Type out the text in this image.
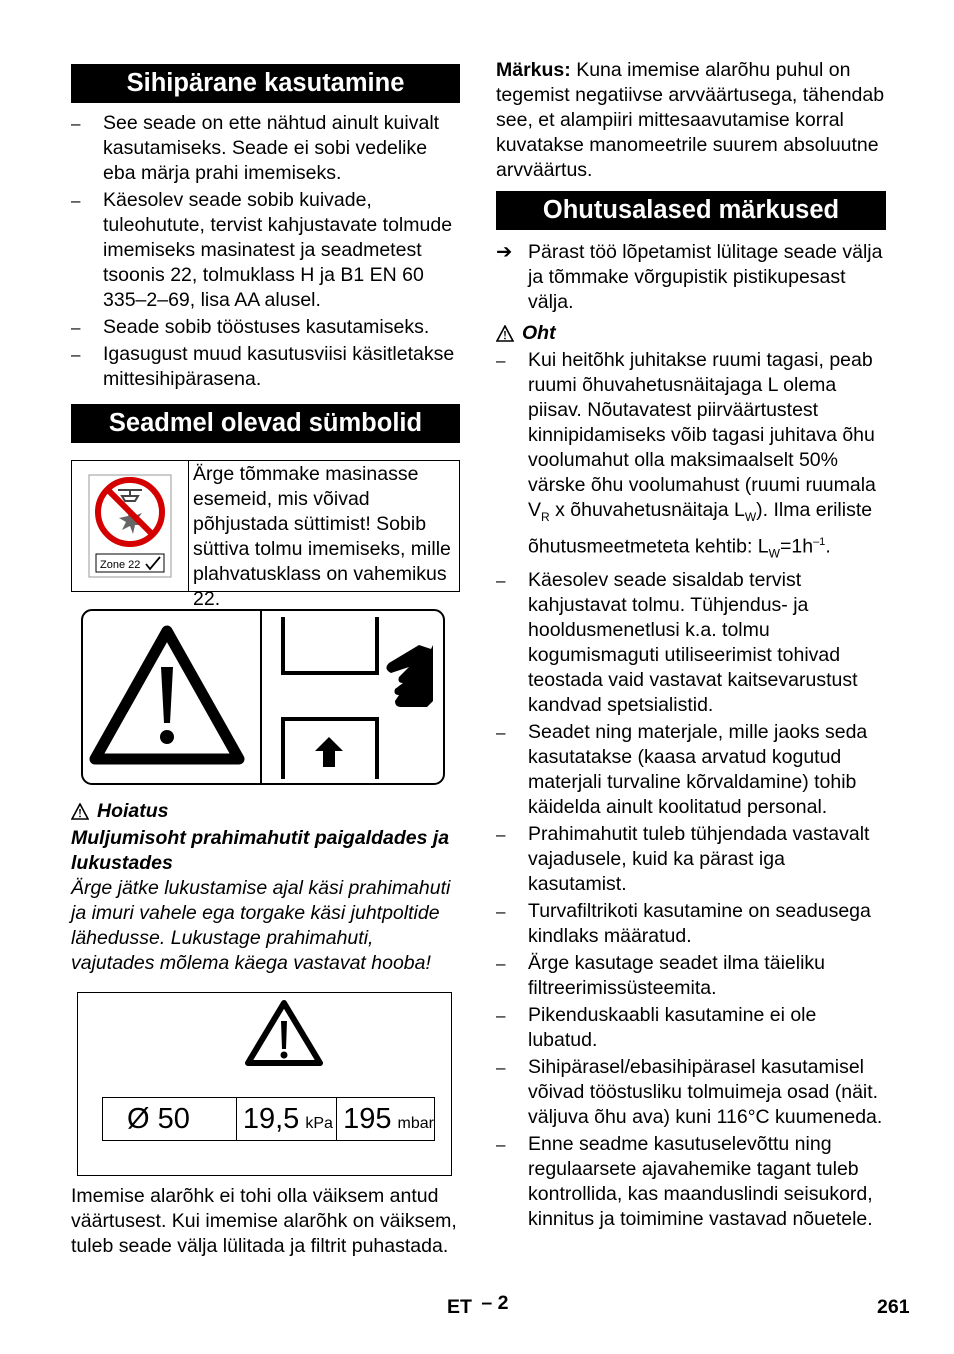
Sihipärane kasutamine
– See seade on ette nähtud ainult kuivalt kasutamiseks. Seade ei sobi vedelike eba märja prahi imemiseks.
– Käesolev seade sobib kuivade, tuleohutute, tervist kahjustavate tolmude imemiseks masinatest ja seadmetest tsoonis 22, tolmuklass H ja B1 EN 60 335–2–69, lisa AA alusel.
– Seade sobib tööstuses kasutamiseks.
– Igasugust muud kasutusviisi käsitletakse mittesihipärasena.
Seadmel olevad sümbolid
Zone 22
Ärge tõmmake masinasse esemeid, mis võivad põhjustada süttimist! Sobib süttiva tolmu imemiseks, mille plahvatusklass on vahemikus 22.
Hoiatus
Muljumisoht prahimahutit paigaldades ja lukustades
Ärge jätke lukustamise ajal käsi prahimahuti ja imuri vahele ega torgake käsi juhtpoltide lähedusse. Lukustage prahimahuti, vajutades mõlema käega vastavat hooba!
Ø 50	19,5 kPa 195 mbar
Imemise alarõhk ei tohi olla väiksem antud väärtusest. Kui imemise alarõhk on väiksem, tuleb seade välja lülitada ja filtrit puhastada.
Märkus: Kuna imemise alarõhu puhul on tegemist negatiivse arvväärtusega, tähendab see, et alampiiri mittesaavutamise korral kuvatakse manomeetrile suurem absoluutne arvväärtus.
Ohutusalased märkused
➔ Pärast töö lõpetamist lülitage seade välja ja tõmmake võrgupistik pistikupesast välja.
Oht
– Kui heitõhk juhitakse ruumi tagasi, peab ruumi õhuvahetusnäitajaga L olema piisav. Nõutavatest piirväärtustest kinnipidamiseks võib tagasi juhitava õhu voolumahut olla maksimaalselt 50% värske õhu voolumahust (ruumi ruumala $V_R$ x õhuvahetusnäitaja $L_W$). Ilma eriliste õhutusmeetmeteta kehtib: $L_W=1h^{-1}$.
– Käesolev seade sisaldab tervist kahjustavat tolmu. Tühjendus- ja hooldusmenetlusi k.a. tolmu kogumismaguti utiliseerimist tohivad teostada vaid vastavat kaitsevarustust kandvad spetsialistid.
– Seadet ning materjale, mille jaoks seda kasutatakse (kaasa arvatud kogutud materjali turvaline kõrvaldamine) tohib käidelda ainult koolitatud personal.
– Prahimahutit tuleb tühjendada vastavalt vajadusele, kuid ka pärast iga kasutamist.
– Turvafiltrikoti kasutamine on seadusega kindlaks määratud.
– Ärge kasutage seadet ilma täieliku filtreerimissüsteemita.
– Pikenduskaabli kasutamine ei ole lubatud.
– Sihipärasel/ebasihipärasel kasutamisel võivad tööstusliku tolmuimeja osad (näit. väljuva õhu ava) kuni 116°C kuumeneda.
– Enne seadme kasutuselevõttu ning regulaarsete ajavahemike tagant tuleb kontrollida, kas maanduslindi seisukord, kinnitus ja toimimine vastavad nõuetele.
ET – 2	261
